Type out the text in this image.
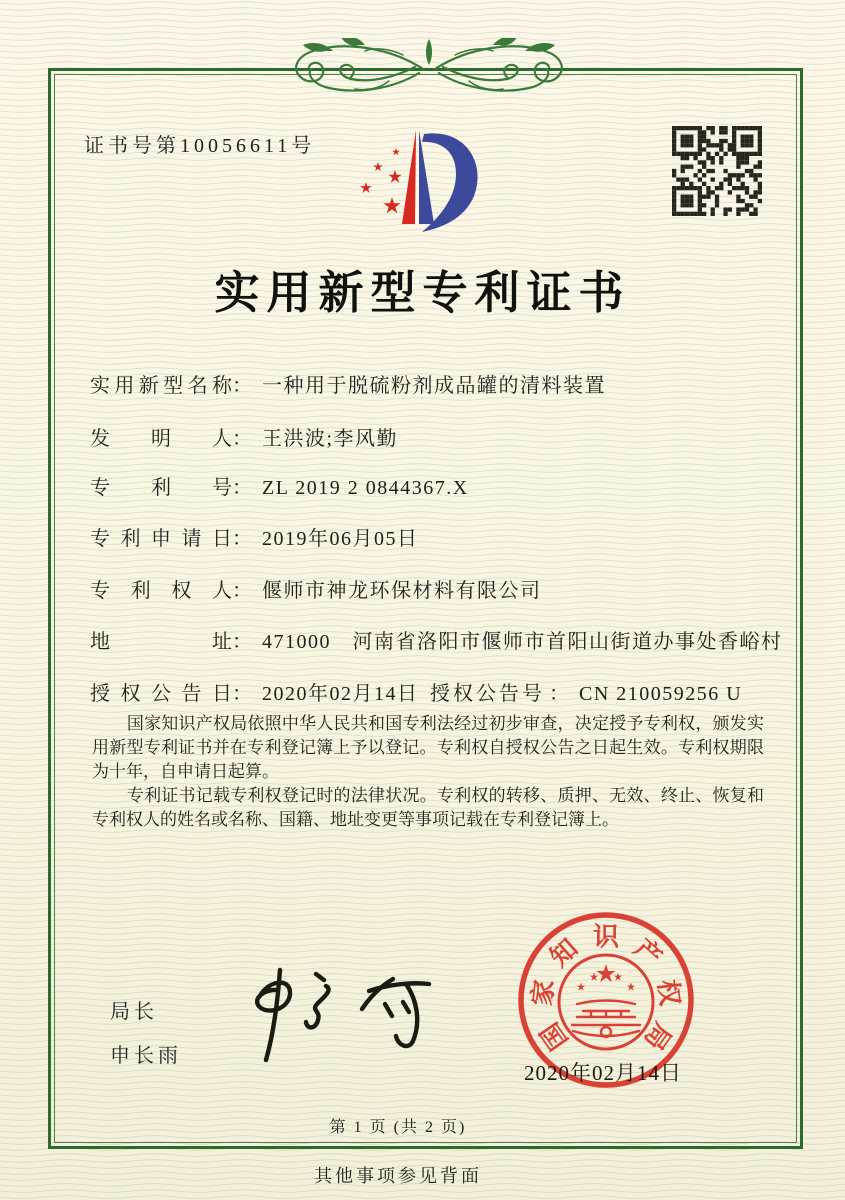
证书号第10056611号
实用新型专利证书
实 用 新 型 名 称 ： 一种用于脱硫粉剂成品罐的清料装置
发 明 人 ： 王洪波;李风勤
专 利 号 ： ZL 2019 2 0844367.X
专 利 申 请 日 ： 2019年06月05日
专 利 权 人 ： 偃师市神龙环保材料有限公司
地	址 ： 471000　河南省洛阳市偃师市首阳山街道办事处香峪村
授 权 公 告 日 ： 2020年02月14日 授权公告号 ： CN 210059256 U

国家知识产权局依照中华人民共和国专利法经过初步审查，决定授予专利权，颁发实用新型专利证书并在专利登记簿上予以登记。专利权自授权公告之日起生效。专利权期限为十年，自申请日起算。

专利证书记载专利权登记时的法律状况。专利权的转移、质押、无效、终止、恢复和专利权人的姓名或名称、国籍、地址变更等事项记载在专利登记簿上。

局长
申长雨
国
家
知 识 产
权
局
2020年02月14日
第 1 页 (共 2 页)
其他事项参见背面
